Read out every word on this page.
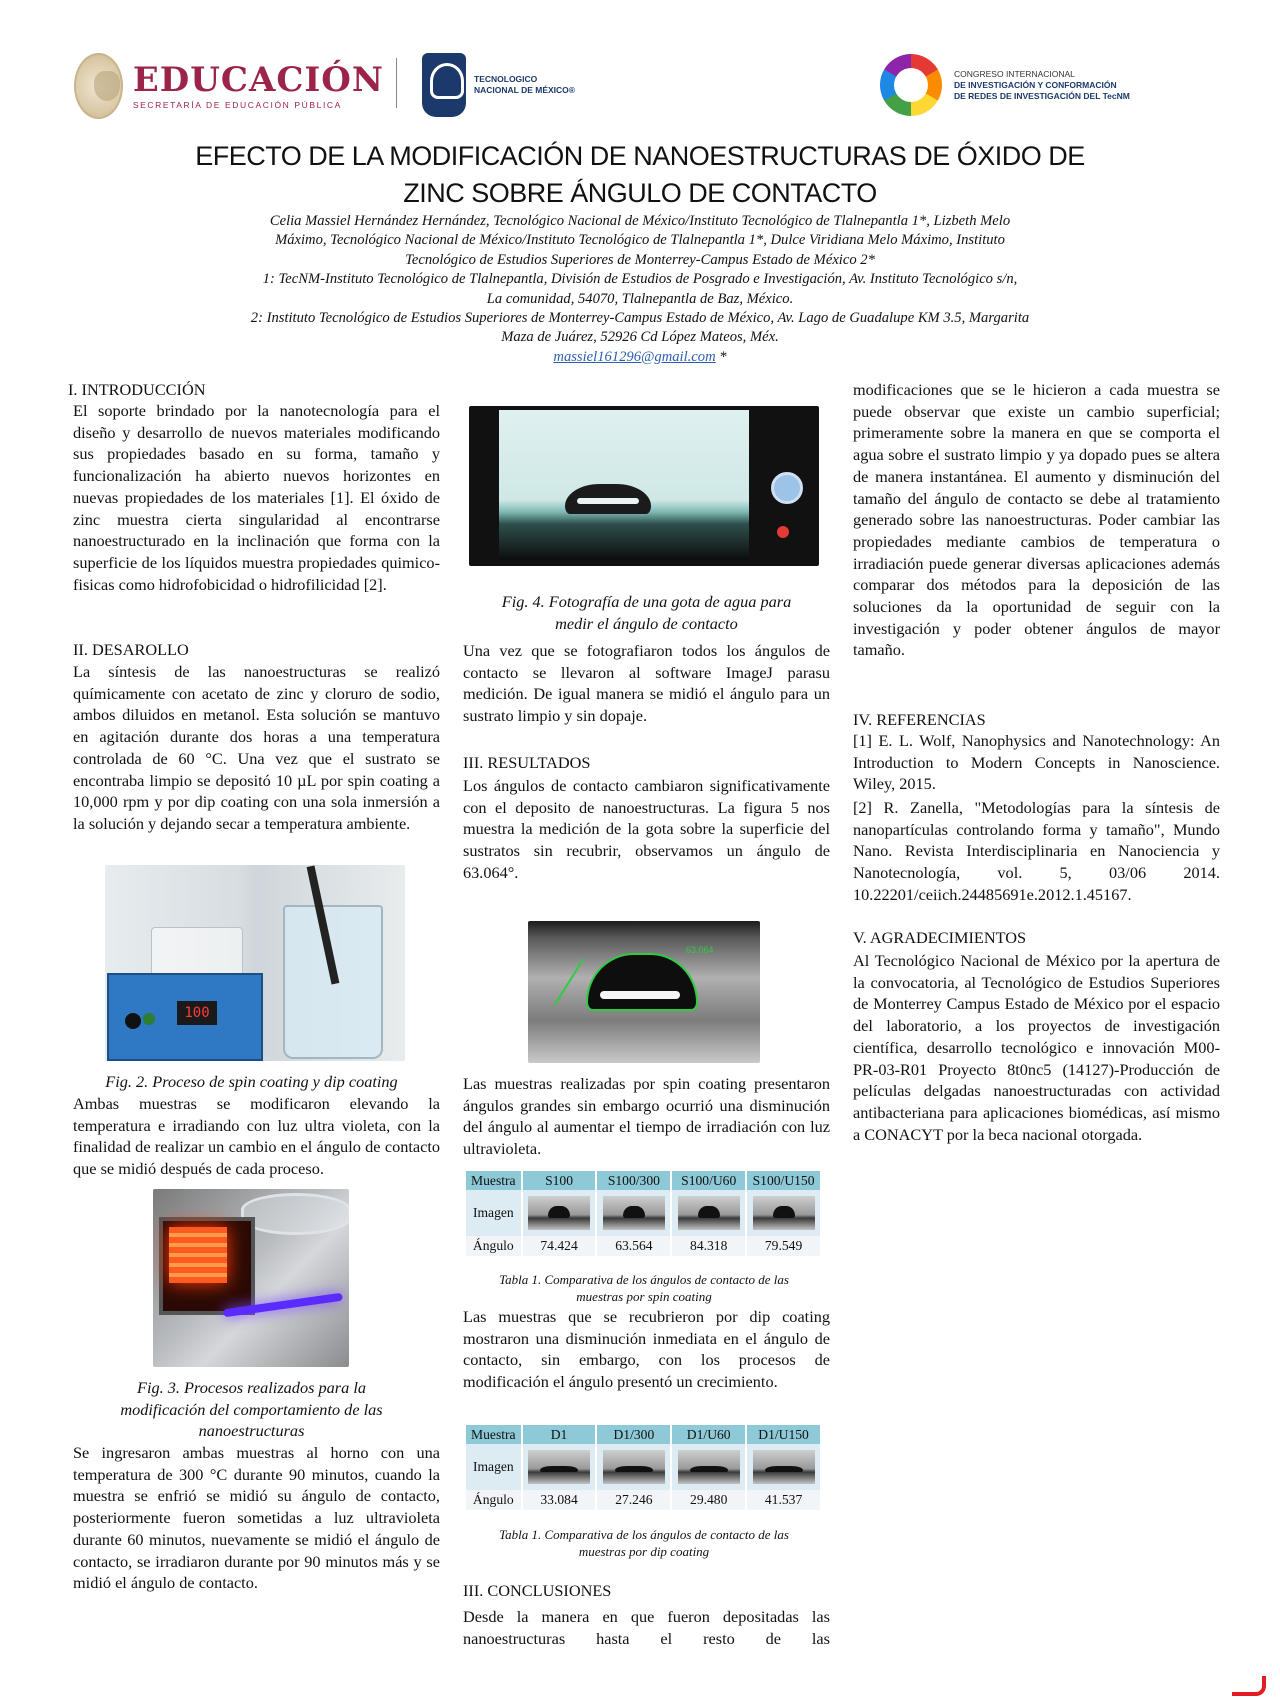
EDUCACIÓN
SECRETARÍA DE EDUCACIÓN PÚBLICA
TECNOLOGICO
NACIONAL DE MÉXICO®
CONGRESO INTERNACIONAL
DE INVESTIGACIÓN Y CONFORMACIÓN
DE REDES DE INVESTIGACIÓN DEL TecNM
EFECTO DE LA MODIFICACIÓN DE NANOESTRUCTURAS DE ÓXIDO DE
ZINC SOBRE ÁNGULO DE CONTACTO

Celia Massiel Hernández Hernández, Tecnológico Nacional de México/Instituto Tecnológico de Tlalnepantla 1*, Lizbeth Melo

Máximo, Tecnológico Nacional de México/Instituto Tecnológico de Tlalnepantla 1*, Dulce Viridiana Melo Máximo, Instituto

Tecnológico de Estudios Superiores de Monterrey-Campus Estado de México 2*

1: TecNM-Instituto Tecnológico de Tlalnepantla, División de Estudios de Posgrado e Investigación, Av. Instituto Tecnológico s/n,

La comunidad, 54070, Tlalnepantla de Baz, México.

2: Instituto Tecnológico de Estudios Superiores de Monterrey-Campus Estado de México, Av. Lago de Guadalupe KM 3.5, Margarita

Maza de Juárez, 52926 Cd López Mateos, Méx.

massiel161296@gmail.com *

I. INTRODUCCIÓN

El soporte brindado por la nanotecnología para el diseño y desarrollo de nuevos materiales modificando sus propiedades basado en su forma, tamaño y funcionalización ha abierto nuevos horizontes en nuevas propiedades de los materiales [1]. El óxido de zinc muestra cierta singularidad al encontrarse nanoestructurado en la inclinación que forma con la superficie de los líquidos muestra propiedades quimico-fisicas como hidrofobicidad o hidrofilicidad [2].

II. DESAROLLO

La síntesis de las nanoestructuras se realizó químicamente con acetato de zinc y cloruro de sodio, ambos diluidos en metanol. Esta solución se mantuvo en agitación durante dos horas a una temperatura controlada de 60 °C. Una vez que el sustrato se encontraba limpio se depositó 10 µL por spin coating a 10,000 rpm y por dip coating con una sola inmersión a la solución y dejando secar a temperatura ambiente.

100
Fig. 2. Proceso de spin coating y dip coating

Ambas muestras se modificaron elevando la temperatura e irradiando con luz ultra violeta, con la finalidad de realizar un cambio en el ángulo de contacto que se midió después de cada proceso.

Fig. 3. Procesos realizados para la
modificación del comportamiento de las
nanoestructuras

Se ingresaron ambas muestras al horno con una temperatura de 300 °C durante 90 minutos, cuando la muestra se enfrió se midió su ángulo de contacto, posteriormente fueron sometidas a luz ultravioleta durante 60 minutos, nuevamente se midió el ángulo de contacto, se irradiaron durante por 90 minutos más y se midió el ángulo de contacto.

Fig. 4. Fotografía de una gota de agua para
medir el ángulo de contacto

Una vez que se fotografiaron todos los ángulos de contacto se llevaron al software ImageJ parasu medición. De igual manera se midió el ángulo para un sustrato limpio y sin dopaje.

III. RESULTADOS

Los ángulos de contacto cambiaron significativamente con el deposito de nanoestructuras. La figura 5 nos muestra la medición de la gota sobre la superficie del sustratos sin recubrir, observamos un ángulo de 63.064°.

63.064

Las muestras realizadas por spin coating presentaron ángulos grandes sin embargo ocurrió una disminución del ángulo al aumentar el tiempo de irradiación con luz ultravioleta.

Muestra	S100	S100/300	S100/U60	S100/U150
Imagen	

Ángulo	74.424	63.564	84.318	79.549
Tabla 1. Comparativa de los ángulos de contacto de las
muestras por spin coating

Las muestras que se recubrieron por dip coating mostraron una disminución inmediata en el ángulo de contacto, sin embargo, con los procesos de modificación el ángulo presentó un crecimiento.

Muestra	D1	D1/300	D1/U60	D1/U150
Imagen	

Ángulo	33.084	27.246	29.480	41.537
Tabla 1. Comparativa de los ángulos de contacto de las
muestras por dip coating
III. CONCLUSIONES

Desde la manera en que fueron depositadas las nanoestructuras hasta el resto de las

modificaciones que se le hicieron a cada muestra se puede observar que existe un cambio superficial; primeramente sobre la manera en que se comporta el agua sobre el sustrato limpio y ya dopado pues se altera de manera instantánea. El aumento y disminución del tamaño del ángulo de contacto se debe al tratamiento generado sobre las nanoestructuras. Poder cambiar las propiedades mediante cambios de temperatura o irradiación puede generar diversas aplicaciones además comparar dos métodos para la deposición de las soluciones da la oportunidad de seguir con la investigación y poder obtener ángulos de mayor tamaño.

IV. REFERENCIAS

[1] E. L. Wolf, Nanophysics and Nanotechnology: An Introduction to Modern Concepts in Nanoscience. Wiley, 2015.

[2] R. Zanella, "Metodologías para la síntesis de nanopartículas controlando forma y tamaño", Mundo Nano. Revista Interdisciplinaria en Nanociencia y Nanotecnología, vol. 5, 03/06 2014. 10.22201/ceiich.24485691e.2012.1.45167.

V. AGRADECIMIENTOS

Al Tecnológico Nacional de México por la apertura de la convocatoria, al Tecnológico de Estudios Superiores de Monterrey Campus Estado de México por el espacio del laboratorio, a los proyectos de investigación científica, desarrollo tecnológico e innovación M00-PR-03-R01 Proyecto 8t0nc5 (14127)-Producción de películas delgadas nanoestructuradas con actividad antibacteriana para aplicaciones biomédicas, así mismo a CONACYT por la beca nacional otorgada.
